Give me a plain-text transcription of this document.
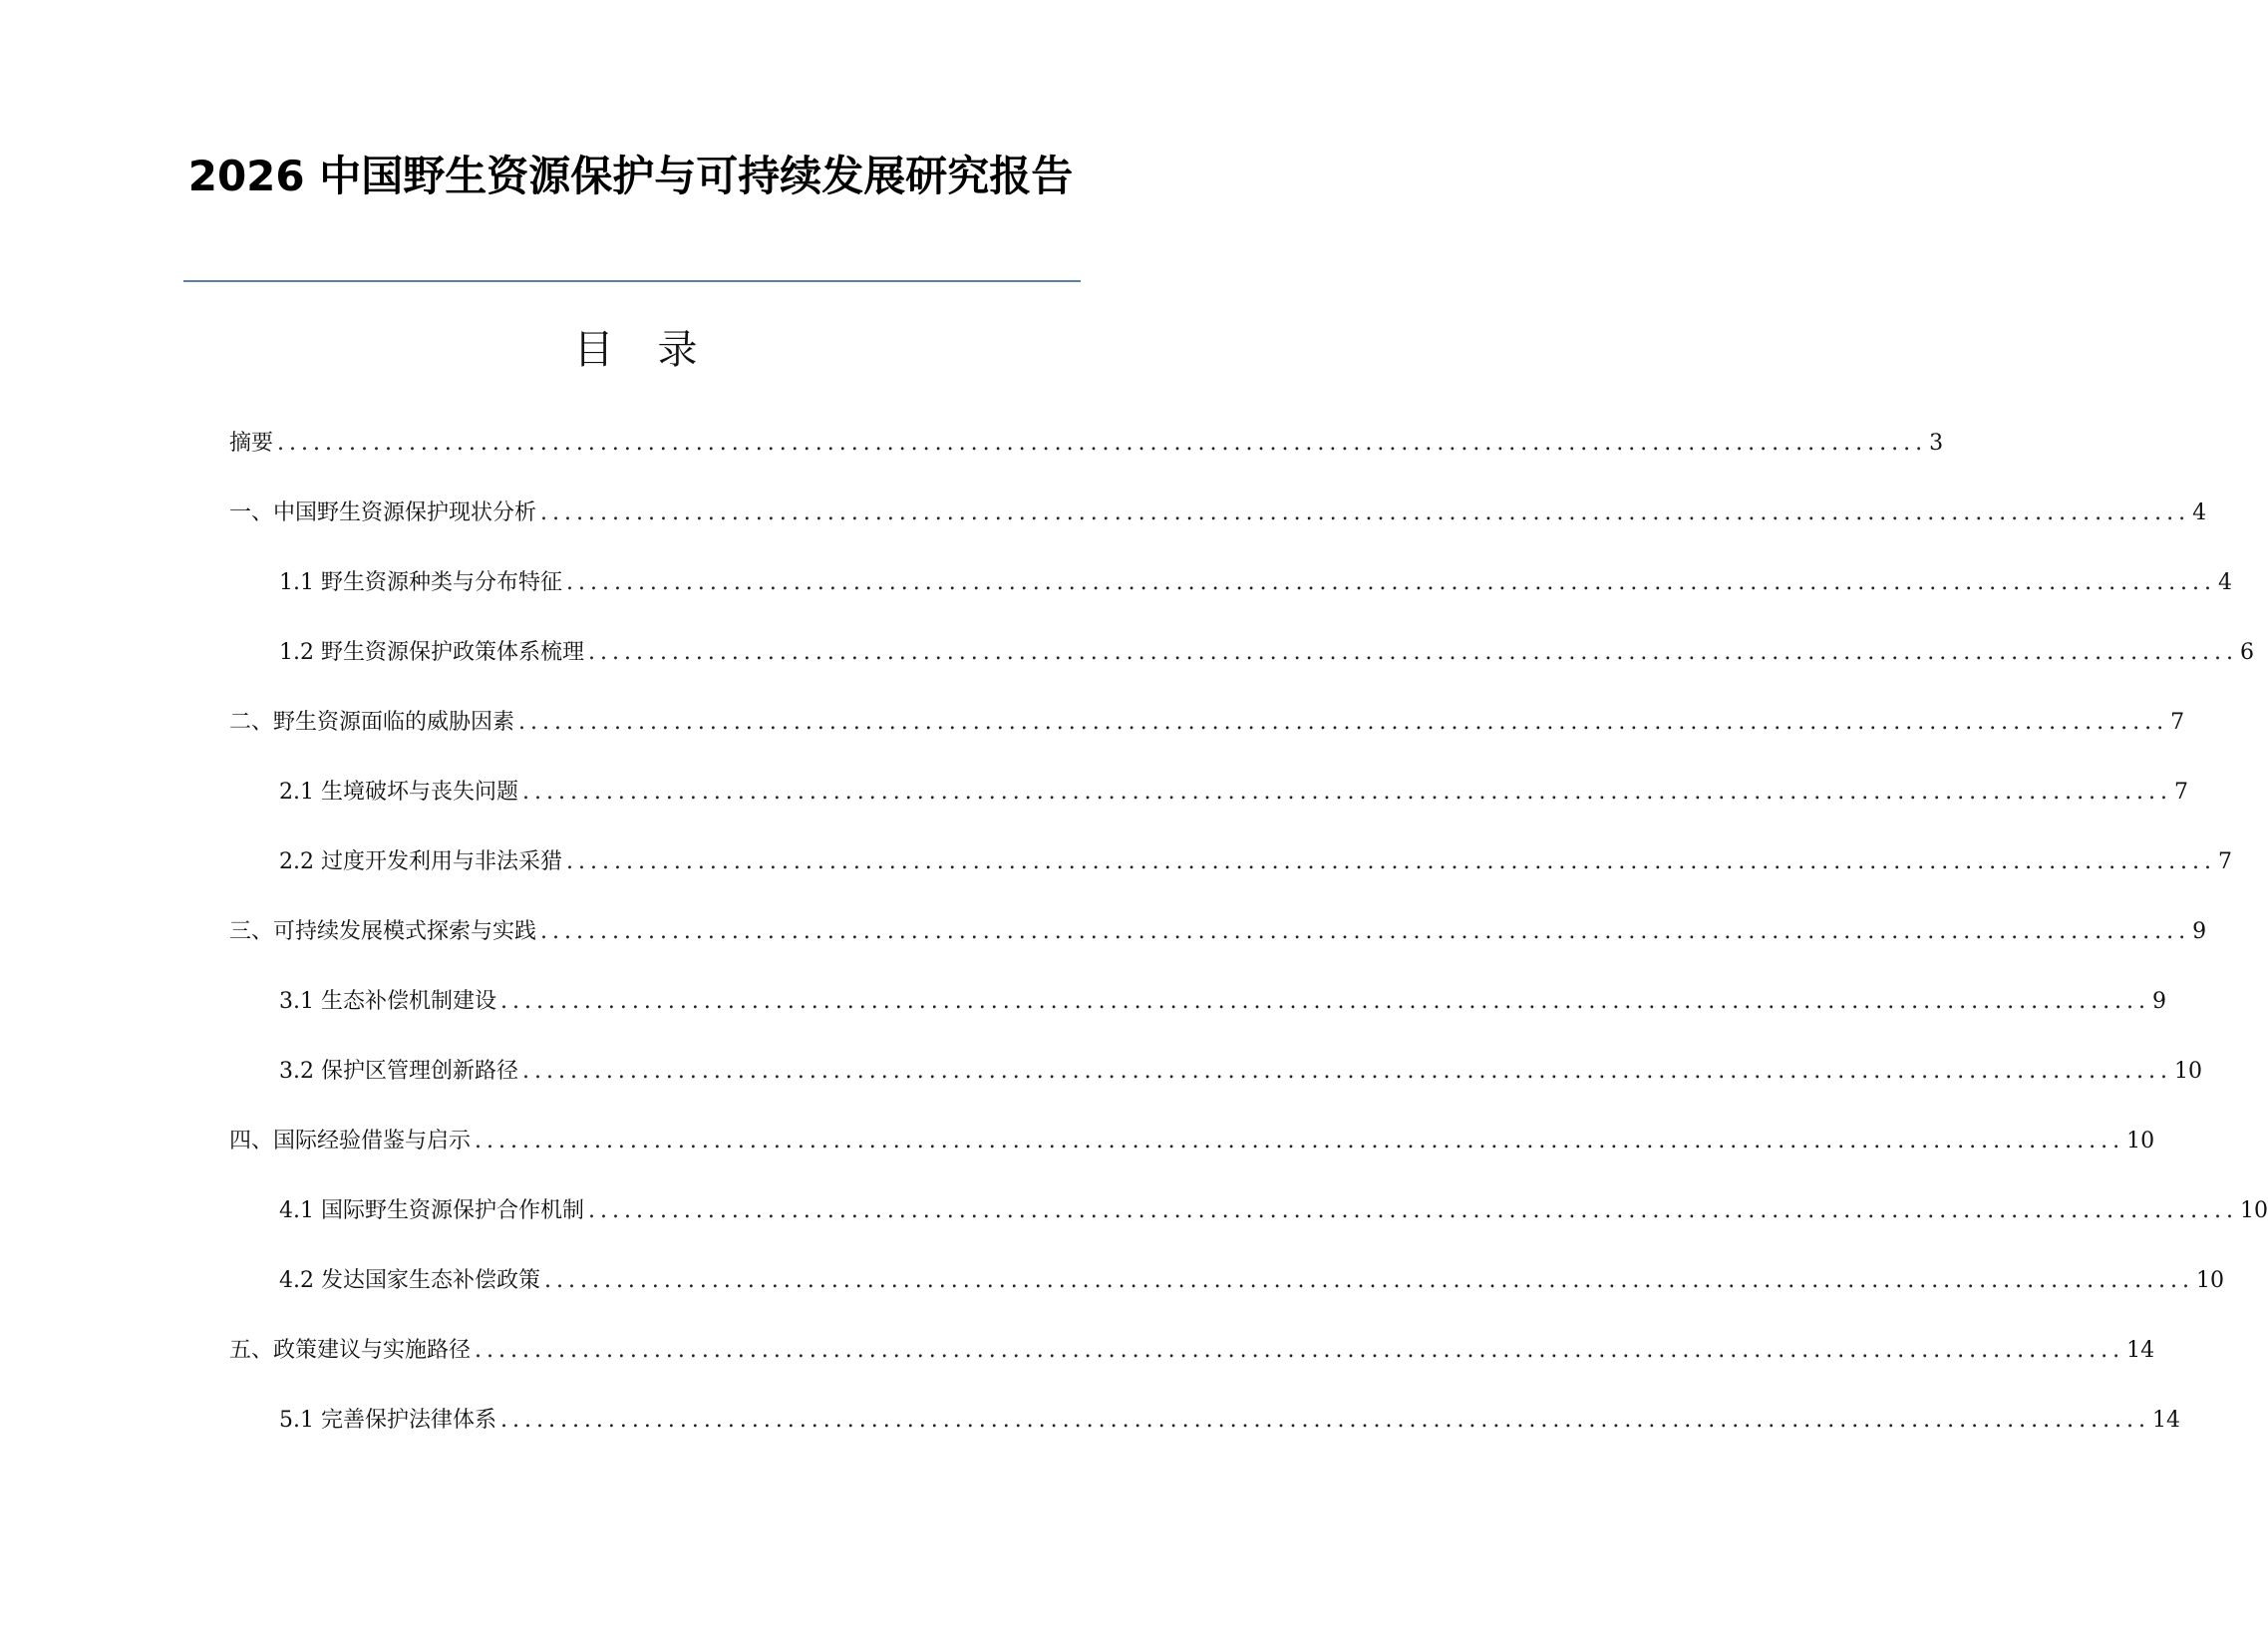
2026 中国野生资源保护与可持续发展研究报告
目录
摘要 .......................................................................................................................................... 3
一、中国野生资源保护现状分析 .......................................................................................................................................... 4
1.1 野生资源种类与分布特征 .......................................................................................................................................... 4
1.2 野生资源保护政策体系梳理 .......................................................................................................................................... 6
二、野生资源面临的威胁因素 .......................................................................................................................................... 7
2.1 生境破坏与丧失问题 .......................................................................................................................................... 7
2.2 过度开发利用与非法采猎 .......................................................................................................................................... 7
三、可持续发展模式探索与实践 .......................................................................................................................................... 9
3.1 生态补偿机制建设 .......................................................................................................................................... 9
3.2 保护区管理创新路径 .......................................................................................................................................... 10
四、国际经验借鉴与启示 .......................................................................................................................................... 10
4.1 国际野生资源保护合作机制 .......................................................................................................................................... 10
4.2 发达国家生态补偿政策 .......................................................................................................................................... 10
五、政策建议与实施路径 .......................................................................................................................................... 14
5.1 完善保护法律体系 .......................................................................................................................................... 14
